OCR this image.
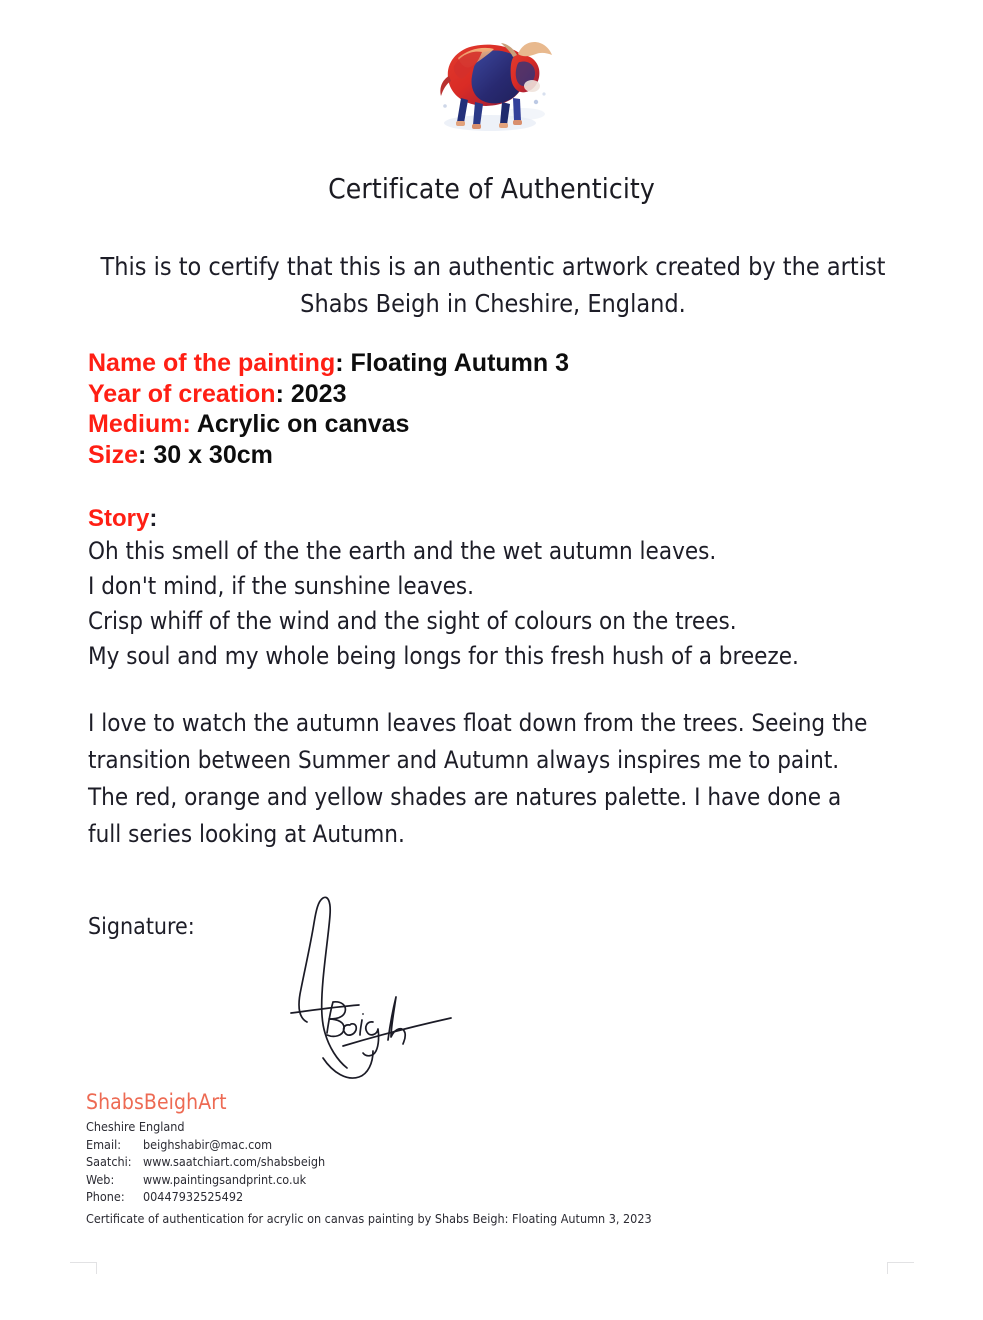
Certificate of Authenticity
This is to certify that this is an authentic artwork created by the artist Shabs Beigh in Cheshire, England.
Name of the painting: Floating Autumn 3
Year of creation: 2023
Medium: Acrylic on canvas
Size: 30 x 30cm
Story:
Oh this smell of the the earth and the wet autumn leaves.
I don't mind, if the sunshine leaves.
Crisp whiff of the wind and the sight of colours on the trees.
My soul and my whole being longs for this fresh hush of a breeze.
I love to watch the autumn leaves float down from the trees. Seeing the transition between Summer and Autumn always inspires me to paint. The red, orange and yellow shades are natures palette. I have done a full series looking at Autumn.
Signature:
ShabsBeighArt
Cheshire England
Email:	beighshabir@mac.com
Saatchi: www.saatchiart.com/shabsbeigh
Web:	www.paintingsandprint.co.uk
Phone:	00447932525492
Certificate of authentication for acrylic on canvas painting by Shabs Beigh: Floating Autumn 3, 2023
